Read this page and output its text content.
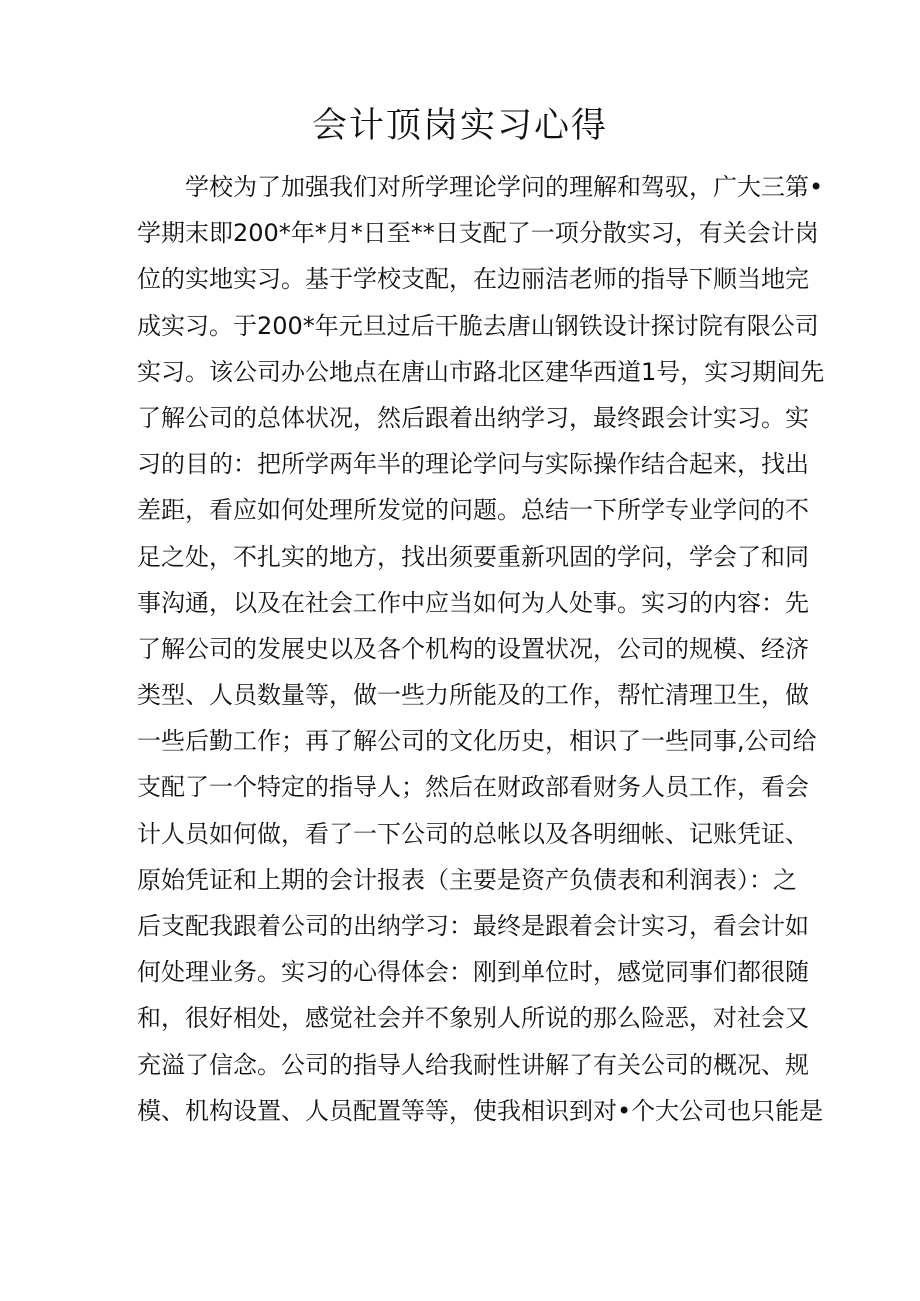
会计顶岗实习心得
学校为了加强我们对所学理论学问的理解和驾驭，广大三第•
学期末即200*年*月*日至**日支配了一项分散实习，有关会计岗
位的实地实习。基于学校支配，在边丽洁老师的指导下顺当地完
成实习。于200*年元旦过后干脆去唐山钢铁设计探讨院有限公司
实习。该公司办公地点在唐山市路北区建华西道1号，实习期间先
了解公司的总体状况，然后跟着出纳学习，最终跟会计实习。实
习的目的：把所学两年半的理论学问与实际操作结合起来，找出
差距，看应如何处理所发觉的问题。总结一下所学专业学问的不
足之处，不扎实的地方，找出须要重新巩固的学问，学会了和同
事沟通，以及在社会工作中应当如何为人处事。实习的内容：先
了解公司的发展史以及各个机构的设置状况，公司的规模、经济
类型、人员数量等，做一些力所能及的工作，帮忙清理卫生，做
一些后勤工作；再了解公司的文化历史，相识了一些同事,公司给
支配了一个特定的指导人；然后在财政部看财务人员工作，看会
计人员如何做，看了一下公司的总帐以及各明细帐、记账凭证、
原始凭证和上期的会计报表（主要是资产负债表和利润表）：之
后支配我跟着公司的出纳学习：最终是跟着会计实习，看会计如
何处理业务。实习的心得体会：刚到单位时，感觉同事们都很随
和，很好相处，感觉社会并不象别人所说的那么险恶，对社会又
充溢了信念。公司的指导人给我耐性讲解了有关公司的概况、规
模、机构设置、人员配置等等，使我相识到对•个大公司也只能是
